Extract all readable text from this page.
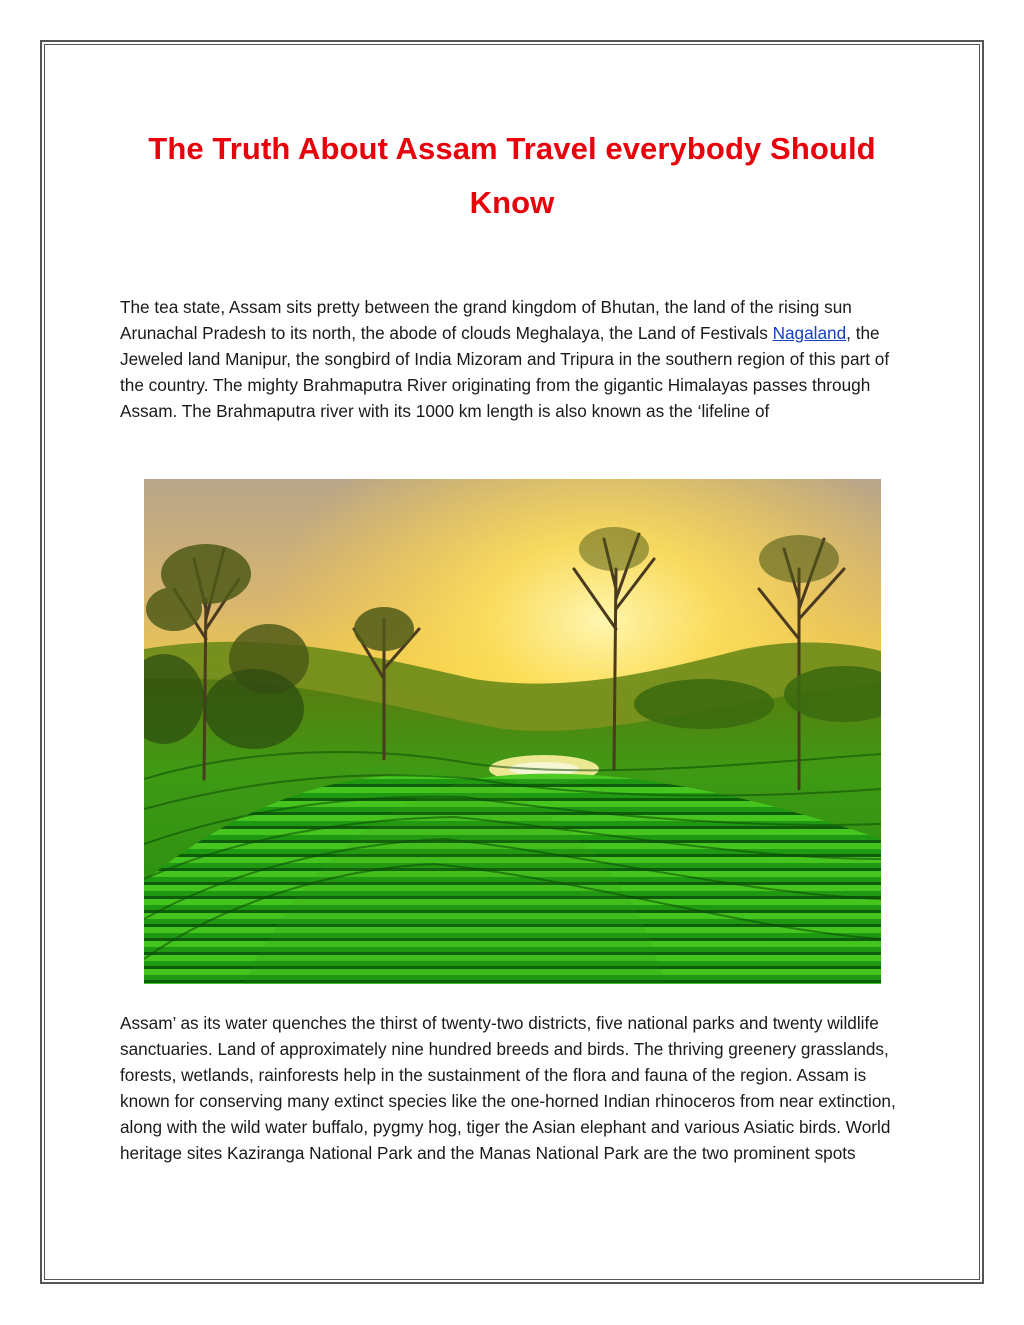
The Truth About Assam Travel everybody Should Know

The tea state, Assam sits pretty between the grand kingdom of Bhutan, the land of the rising sun Arunachal Pradesh to its north, the abode of clouds Meghalaya, the Land of Festivals Nagaland, the Jeweled land Manipur, the songbird of India Mizoram and Tripura in the southern region of this part of the country. The mighty Brahmaputra River originating from the gigantic Himalayas passes through Assam. The Brahmaputra river with its 1000 km length is also known as the ‘lifeline of

Assam’ as its water quenches the thirst of twenty-two districts, five national parks and twenty wildlife sanctuaries. Land of approximately nine hundred breeds and birds. The thriving greenery grasslands, forests, wetlands, rainforests help in the sustainment of the flora and fauna of the region. Assam is known for conserving many extinct species like the one-horned Indian rhinoceros from near extinction, along with the wild water buffalo, pygmy hog, tiger the Asian elephant and various Asiatic birds. World heritage sites Kaziranga National Park and the Manas National Park are the two prominent spots
